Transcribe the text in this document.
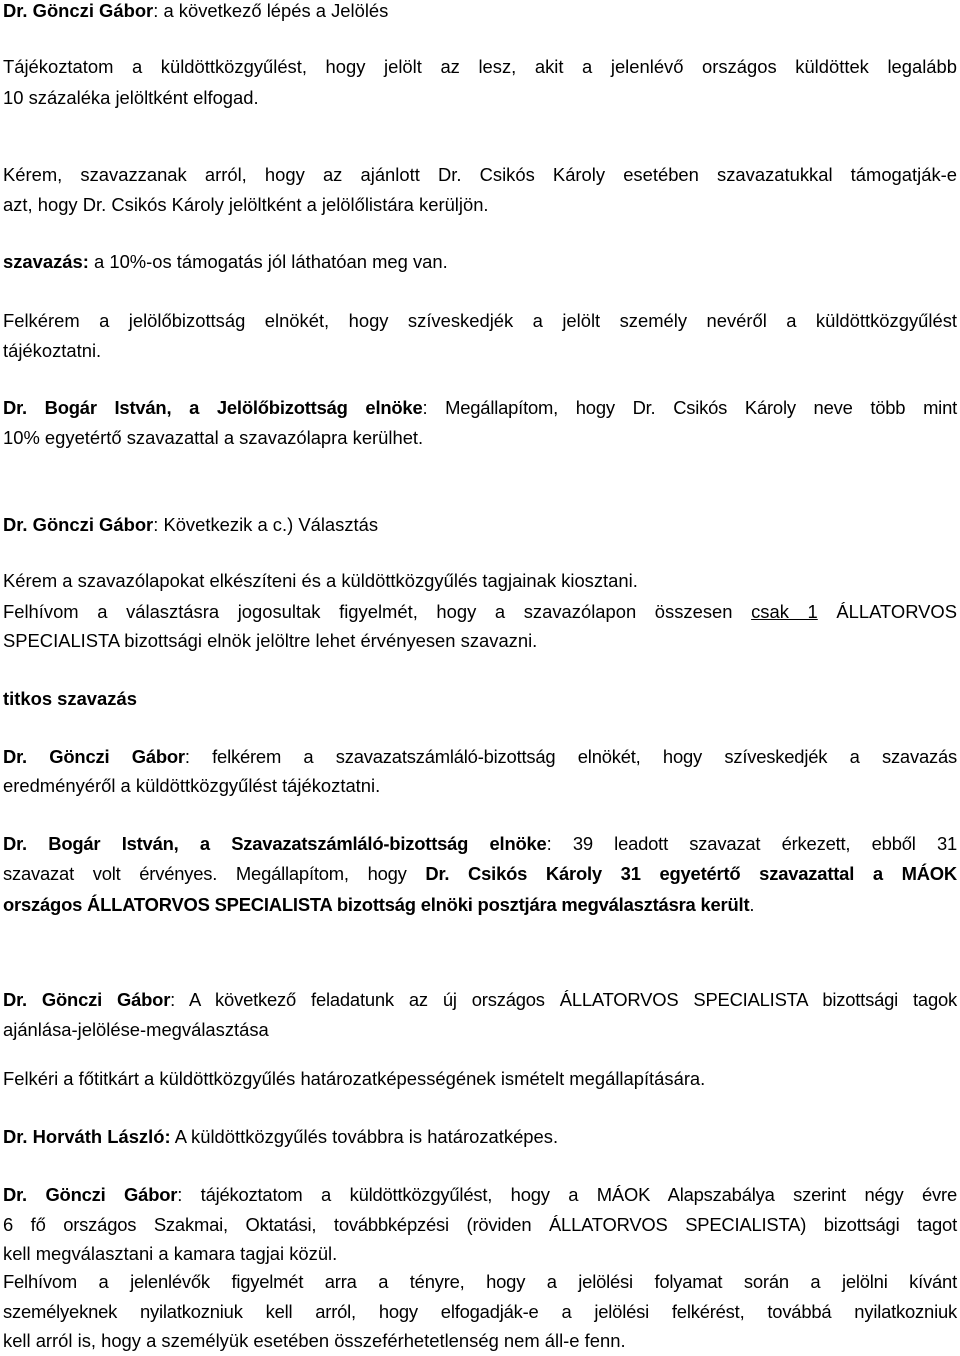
Dr. Gönczi Gábor: a következő lépés a Jelölés
Tájékoztatom a küldöttközgyűlést, hogy jelölt az lesz, akit a jelenlévő országos küldöttek legalább
10 százaléka jelöltként elfogad.
Kérem, szavazzanak arról, hogy az ajánlott Dr. Csikós Károly esetében szavazatukkal támogatják-e
azt, hogy Dr. Csikós Károly jelöltként a jelölőlistára kerüljön.
szavazás: a 10%-os támogatás jól láthatóan meg van.
Felkérem a jelölőbizottság elnökét, hogy szíveskedjék a jelölt személy nevéről a küldöttközgyűlést
tájékoztatni.
Dr. Bogár István, a Jelölőbizottság elnöke: Megállapítom, hogy Dr. Csikós Károly neve több mint
10% egyetértő szavazattal a szavazólapra kerülhet.
Dr. Gönczi Gábor: Következik a c.) Választás
Kérem a szavazólapokat elkészíteni és a küldöttközgyűlés tagjainak kiosztani.
Felhívom a választásra jogosultak figyelmét, hogy a szavazólapon összesen csak 1 ÁLLATORVOS
SPECIALISTA bizottsági elnök jelöltre lehet érvényesen szavazni.
titkos szavazás
Dr. Gönczi Gábor: felkérem a szavazatszámláló-bizottság elnökét, hogy szíveskedjék a szavazás
eredményéről a küldöttközgyűlést tájékoztatni.
Dr. Bogár István, a Szavazatszámláló-bizottság elnöke: 39 leadott szavazat érkezett, ebből 31
szavazat volt érvényes. Megállapítom, hogy Dr. Csikós Károly 31 egyetértő szavazattal a MÁOK
országos ÁLLATORVOS SPECIALISTA bizottság elnöki posztjára megválasztásra került.
Dr. Gönczi Gábor: A következő feladatunk az új országos ÁLLATORVOS SPECIALISTA bizottsági tagok
ajánlása-jelölése-megválasztása
Felkéri a főtitkárt a küldöttközgyűlés határozatképességének ismételt megállapítására.
Dr. Horváth László: A küldöttközgyűlés továbbra is határozatképes.
Dr. Gönczi Gábor: tájékoztatom a küldöttközgyűlést, hogy a MÁOK Alapszabálya szerint négy évre
6 fő országos Szakmai, Oktatási, továbbképzési (röviden ÁLLATORVOS SPECIALISTA) bizottsági tagot
kell megválasztani a kamara tagjai közül.
Felhívom a jelenlévők figyelmét arra a tényre, hogy a jelölési folyamat során a jelölni kívánt
személyeknek nyilatkozniuk kell arról, hogy elfogadják-e a jelölési felkérést, továbbá nyilatkozniuk
kell arról is, hogy a személyük esetében összeférhetetlenség nem áll-e fenn.
